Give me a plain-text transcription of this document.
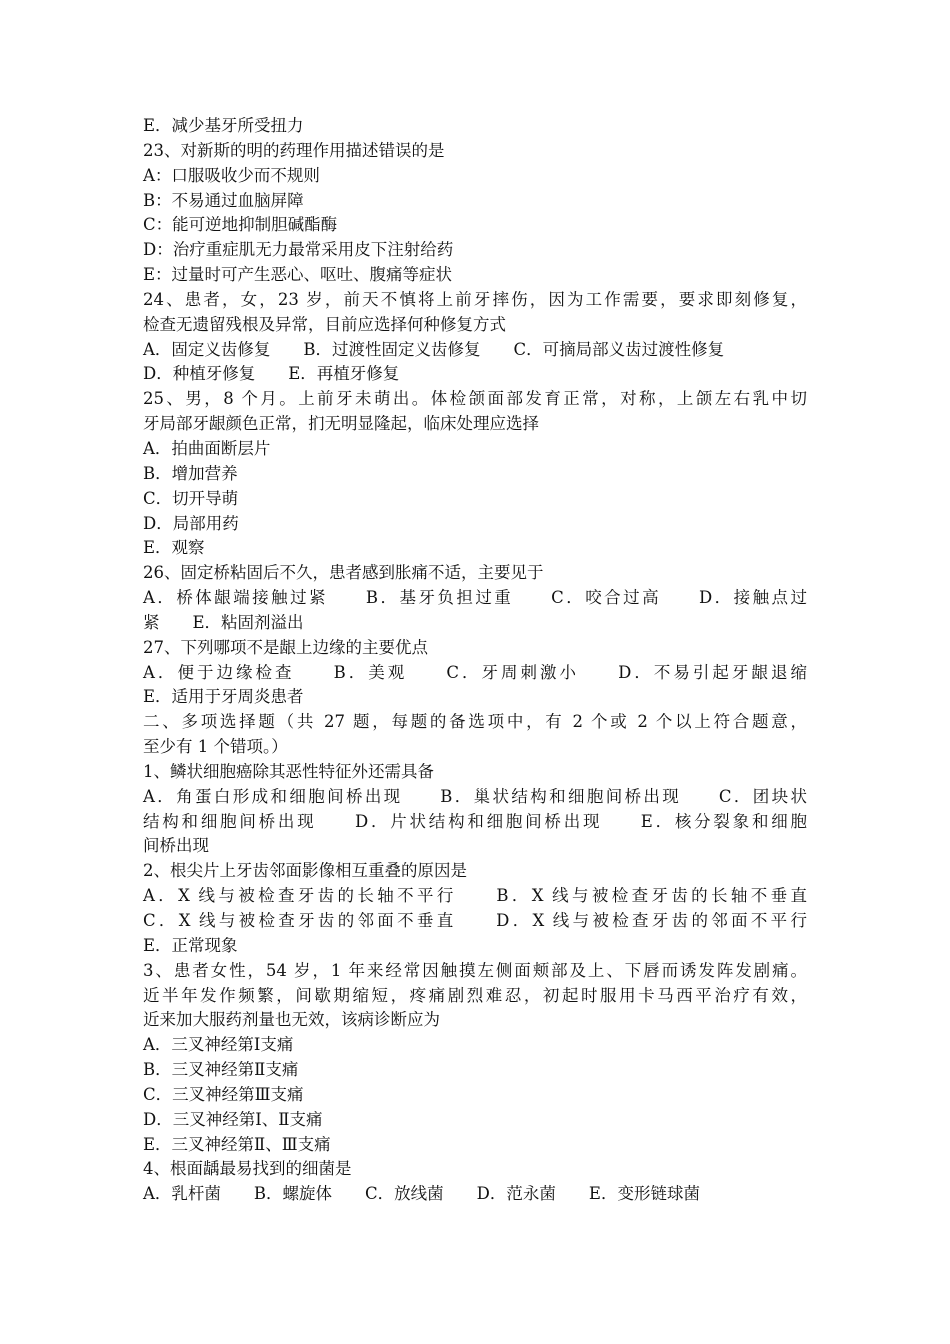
E．减少基牙所受扭力
23、对新斯的明的药理作用描述错误的是
A：口服吸收少而不规则
B：不易通过血脑屏障
C：能可逆地抑制胆碱酯酶
D：治疗重症肌无力最常采用皮下注射给药
E：过量时可产生恶心、呕吐、腹痛等症状
24、患者，女，23 岁，前天不慎将上前牙摔伤，因为工作需要，要求即刻修复，
检查无遗留残根及异常，目前应选择何种修复方式
A．固定义齿修复　　B．过渡性固定义齿修复　　C．可摘局部义齿过渡性修复
D．种植牙修复　　E．再植牙修复
25、男，8 个月。上前牙未萌出。体检颌面部发育正常，对称，上颌左右乳中切
牙局部牙龈颜色正常，扪无明显隆起，临床处理应选择
A．拍曲面断层片
B．增加营养
C．切开导萌
D．局部用药
E．观察
26、固定桥粘固后不久，患者感到胀痛不适，主要见于
A．桥体龈端接触过紧　　B．基牙负担过重　　C．咬合过高　　D．接触点过
紧　　E．粘固剂溢出
27、下列哪项不是龈上边缘的主要优点
A．便于边缘检查　　B．美观　　C．牙周刺激小　　D．不易引起牙龈退缩
E．适用于牙周炎患者
二、多项选择题（共 27 题，每题的备选项中，有 2 个或 2 个以上符合题意，
至少有 1 个错项。）
1、鳞状细胞癌除其恶性特征外还需具备
A．角蛋白形成和细胞间桥出现　　B．巢状结构和细胞间桥出现　　C．团块状
结构和细胞间桥出现　　D．片状结构和细胞间桥出现　　E．核分裂象和细胞
间桥出现
2、根尖片上牙齿邻面影像相互重叠的原因是
A．X 线与被检查牙齿的长轴不平行　　B．X 线与被检查牙齿的长轴不垂直
C．X 线与被检查牙齿的邻面不垂直　　D．X 线与被检查牙齿的邻面不平行
E．正常现象
3、患者女性，54 岁，1 年来经常因触摸左侧面颊部及上、下唇而诱发阵发剧痛。
近半年发作频繁，间歇期缩短，疼痛剧烈难忍，初起时服用卡马西平治疗有效，
近来加大服药剂量也无效，该病诊断应为
A．三叉神经第Ⅰ支痛
B．三叉神经第Ⅱ支痛
C．三叉神经第Ⅲ支痛
D．三叉神经第Ⅰ、Ⅱ支痛
E．三叉神经第Ⅱ、Ⅲ支痛
4、根面龋最易找到的细菌是
A．乳杆菌　　B．螺旋体　　C．放线菌　　D．范永菌　　E．变形链球菌
